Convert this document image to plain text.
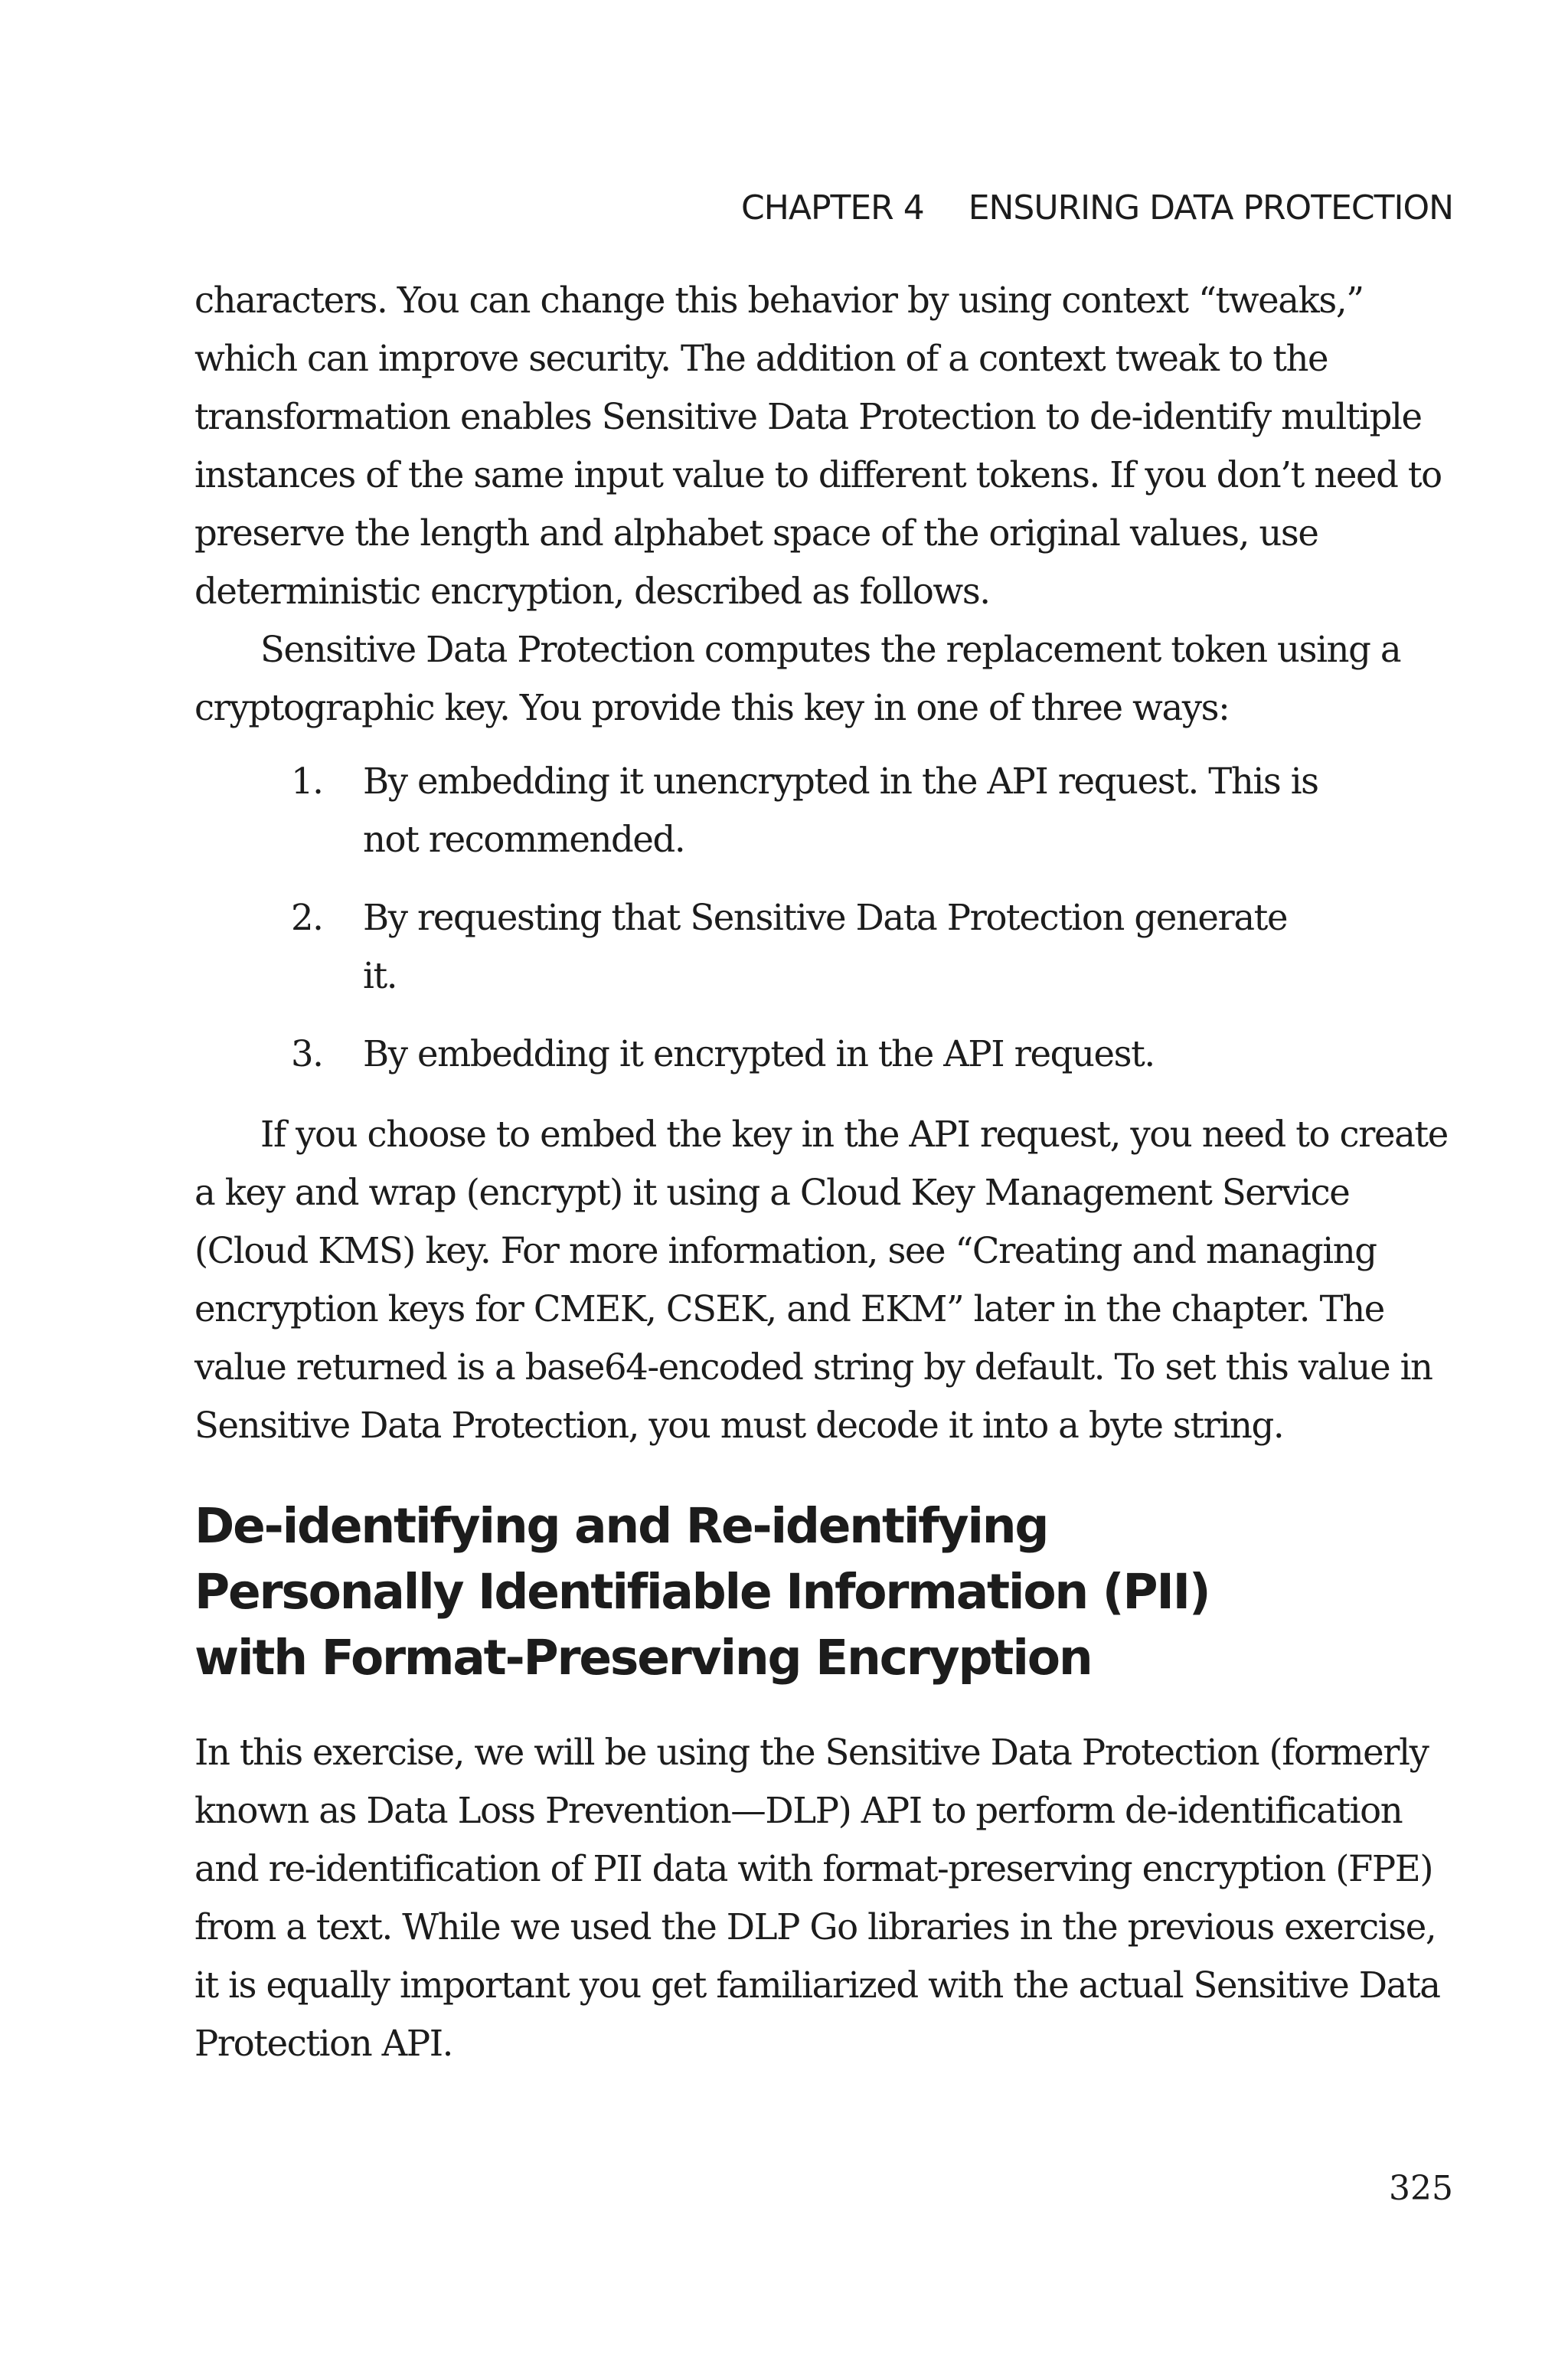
CHAPTER 4 ENSURING DATA PROTECTION

characters. You can change this behavior by using context “tweaks,” which can improve security. The addition of a context tweak to the transformation enables Sensitive Data Protection to de-identify multiple instances of the same input value to different tokens. If you don’t need to preserve the length and alphabet space of the original values, use deterministic encryption, described as follows.

Sensitive Data Protection computes the replacement token using a cryptographic key. You provide this key in one of three ways:

1. By embedding it unencrypted in the API request. This is not recommended.
2. By requesting that Sensitive Data Protection generate it.
3. By embedding it encrypted in the API request.

If you choose to embed the key in the API request, you need to create a key and wrap (encrypt) it using a Cloud Key Management Service (Cloud KMS) key. For more information, see “Creating and managing encryption keys for CMEK, CSEK, and EKM” later in the chapter. The value returned is a base64-encoded string by default. To set this value in Sensitive Data Protection, you must decode it into a byte string.

De-identifying and Re-identifying
Personally Identifiable Information (PII)
with Format-Preserving Encryption

In this exercise, we will be using the Sensitive Data Protection (formerly known as Data Loss Prevention—DLP) API to perform de-identification and re-identification of PII data with format-preserving encryption (FPE) from a text. While we used the DLP Go libraries in the previous exercise, it is equally important you get familiarized with the actual Sensitive Data Protection API.

325
